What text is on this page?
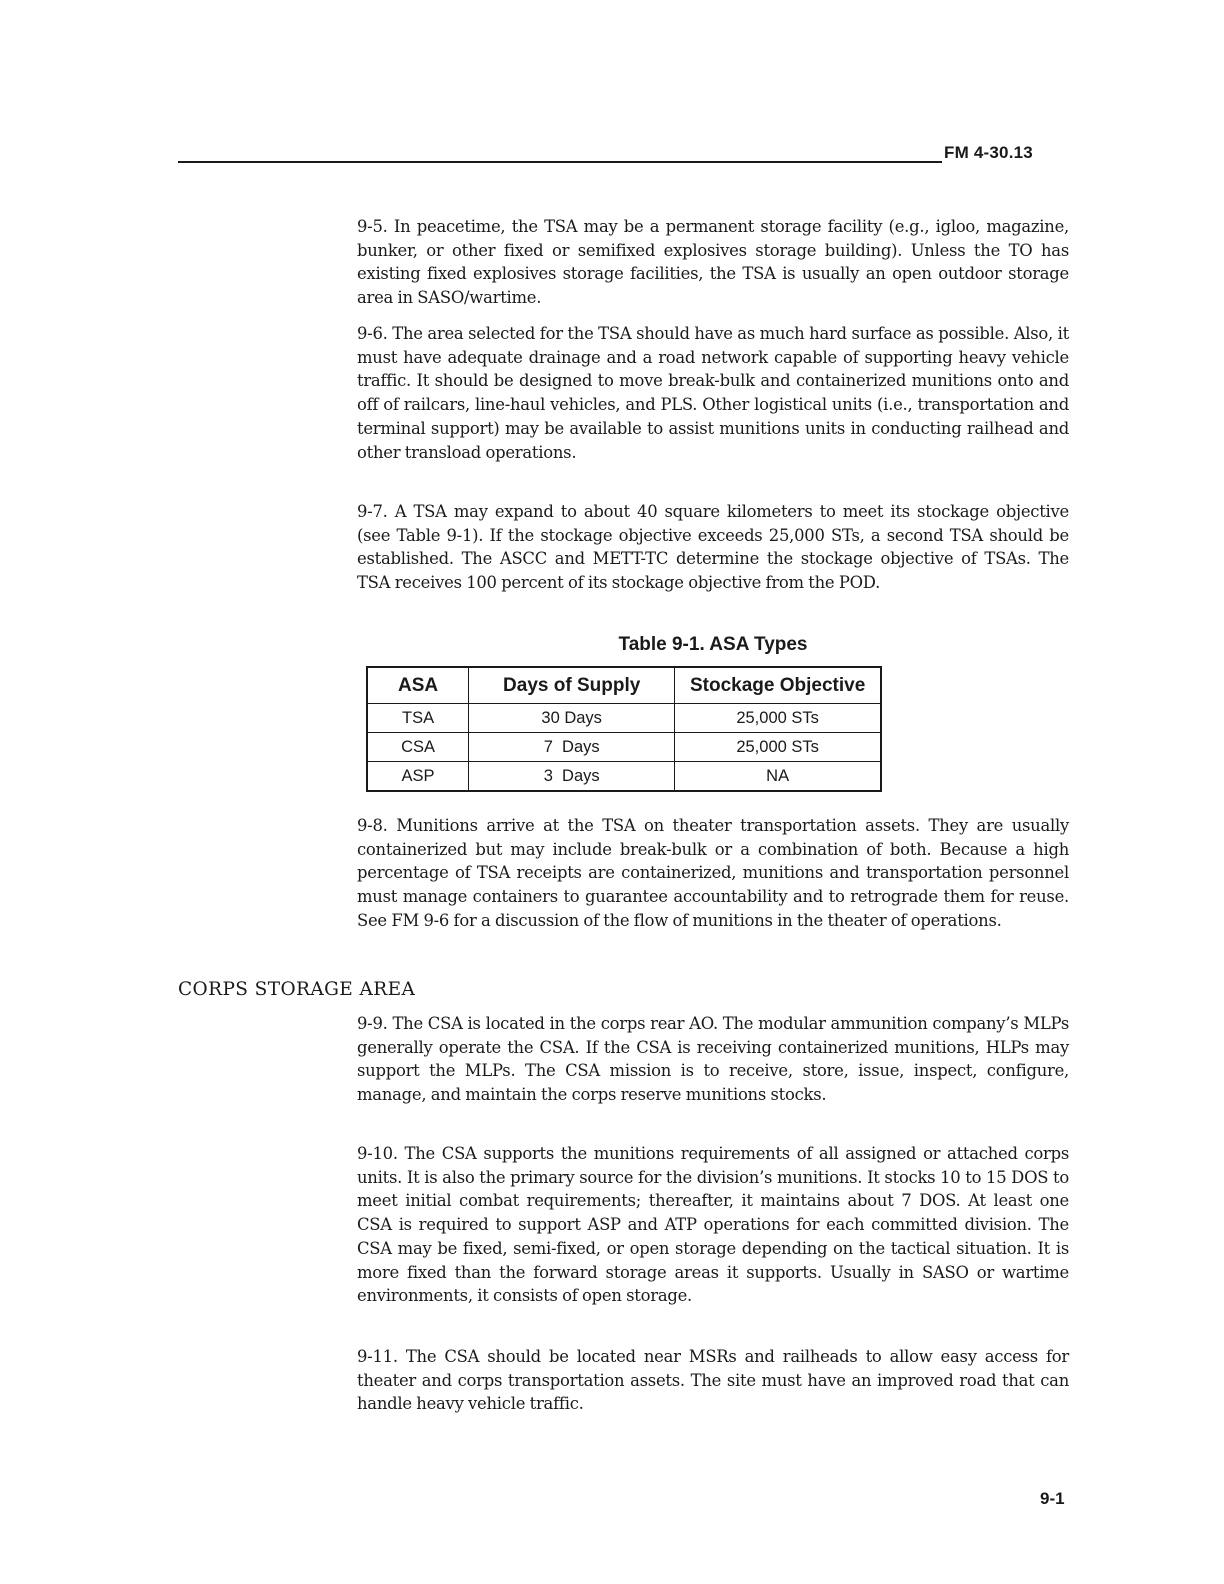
FM 4-30.13

9-5. In peacetime, the TSA may be a permanent storage facility (e.g., igloo, magazine, bunker, or other fixed or semifixed explosives storage building). Unless the TO has existing fixed explosives storage facilities, the TSA is usually an open outdoor storage area in SASO/wartime.

9-6. The area selected for the TSA should have as much hard surface as possible. Also, it must have adequate drainage and a road network capable of supporting heavy vehicle traffic. It should be designed to move break-bulk and containerized munitions onto and off of railcars, line-haul vehicles, and PLS. Other logistical units (i.e., transportation and terminal support) may be available to assist munitions units in conducting railhead and other transload operations.

9-7. A TSA may expand to about 40 square kilometers to meet its stockage objective (see Table 9-1). If the stockage objective exceeds 25,000 STs, a second TSA should be established. The ASCC and METT-TC determine the stockage objective of TSAs. The TSA receives 100 percent of its stockage objective from the POD.

Table 9-1. ASA Types
ASA	Days of Supply	Stockage Objective
TSA	30 Days	25,000 STs
CSA	7  Days	25,000 STs
ASP	3  Days	NA

9-8. Munitions arrive at the TSA on theater transportation assets. They are usually containerized but may include break-bulk or a combination of both. Because a high percentage of TSA receipts are containerized, munitions and transportation personnel must manage containers to guarantee accountability and to retrograde them for reuse. See FM 9-6 for a discussion of the flow of munitions in the theater of operations.

CORPS STORAGE AREA

9-9. The CSA is located in the corps rear AO. The modular ammunition company’s MLPs generally operate the CSA. If the CSA is receiving containerized munitions, HLPs may support the MLPs. The CSA mission is to receive, store, issue, inspect, configure, manage, and maintain the corps reserve munitions stocks.

9-10. The CSA supports the munitions requirements of all assigned or attached corps units. It is also the primary source for the division’s munitions. It stocks 10 to 15 DOS to meet initial combat requirements; thereafter, it maintains about 7 DOS. At least one CSA is required to support ASP and ATP operations for each committed division. The CSA may be fixed, semi-fixed, or open storage depending on the tactical situation. It is more fixed than the forward storage areas it supports. Usually in SASO or wartime environments, it consists of open storage.

9-11. The CSA should be located near MSRs and railheads to allow easy access for theater and corps transportation assets. The site must have an improved road that can handle heavy vehicle traffic.

9-1
